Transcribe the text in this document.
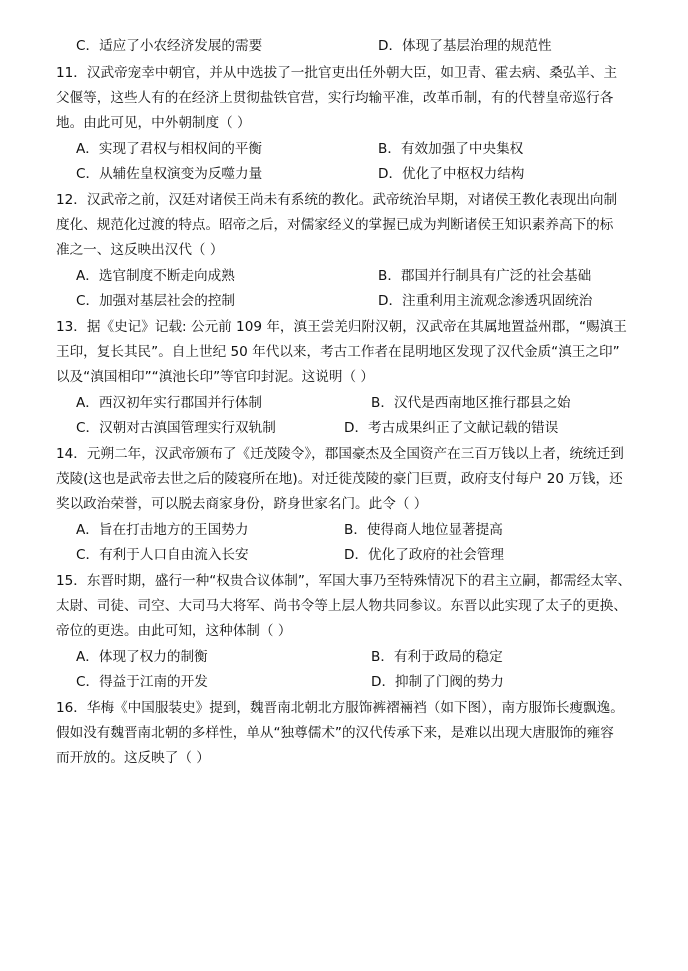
C．适应了小农经济发展的需要	D．体现了基层治理的规范性
11．汉武帝宠幸中朝官，并从中选拔了一批官吏出任外朝大臣，如卫青、霍去病、桑弘羊、主
父偃等，这些人有的在经济上贯彻盐铁官营，实行均输平准，改革币制，有的代替皇帝巡行各
地。由此可见，中外朝制度（ ）
A．实现了君权与相权间的平衡	B．有效加强了中央集权
C．从辅佐皇权演变为反噬力量	D．优化了中枢权力结构
12．汉武帝之前，汉廷对诸侯王尚未有系统的教化。武帝统治早期，对诸侯王教化表现出向制
度化、规范化过渡的特点。昭帝之后，对儒家经义的掌握已成为判断诸侯王知识素养高下的标
准之一、这反映出汉代（ ）
A．选官制度不断走向成熟	B．郡国并行制具有广泛的社会基础
C．加强对基层社会的控制	D．注重利用主流观念渗透巩固统治
13．据《史记》记载: 公元前 109 年，滇王尝羌归附汉朝，汉武帝在其属地置益州郡，“赐滇王
王印，复长其民”。自上世纪 50 年代以来，考古工作者在昆明地区发现了汉代金质“滇王之印”
以及“滇国相印”“滇池长印”等官印封泥。这说明（ ）
A．西汉初年实行郡国并行体制	B．汉代是西南地区推行郡县之始
C．汉朝对古滇国管理实行双轨制	D．考古成果纠正了文献记载的错误
14．元朔二年，汉武帝颁布了《迁茂陵令》，郡国豪杰及全国资产在三百万钱以上者，统统迁到
茂陵(这也是武帝去世之后的陵寝所在地)。对迁徙茂陵的豪门巨贾，政府支付每户 20 万钱，还
奖以政治荣誉，可以脱去商家身份，跻身世家名门。此令（ ）
A．旨在打击地方的王国势力	B．使得商人地位显著提高
C．有利于人口自由流入长安	D．优化了政府的社会管理
15．东晋时期，盛行一种“权贵合议体制”，军国大事乃至特殊情况下的君主立嗣，都需经太宰、
太尉、司徒、司空、大司马大将军、尚书令等上层人物共同参议。东晋以此实现了太子的更换、
帝位的更迭。由此可知，这种体制（ ）
A．体现了权力的制衡	B．有利于政局的稳定
C．得益于江南的开发	D．抑制了门阀的势力
16．华梅《中国服装史》提到，魏晋南北朝北方服饰裤褶裲裆（如下图），南方服饰长瘦飘逸。
假如没有魏晋南北朝的多样性，单从“独尊儒术”的汉代传承下来，是难以出现大唐服饰的雍容
而开放的。这反映了（ ）
